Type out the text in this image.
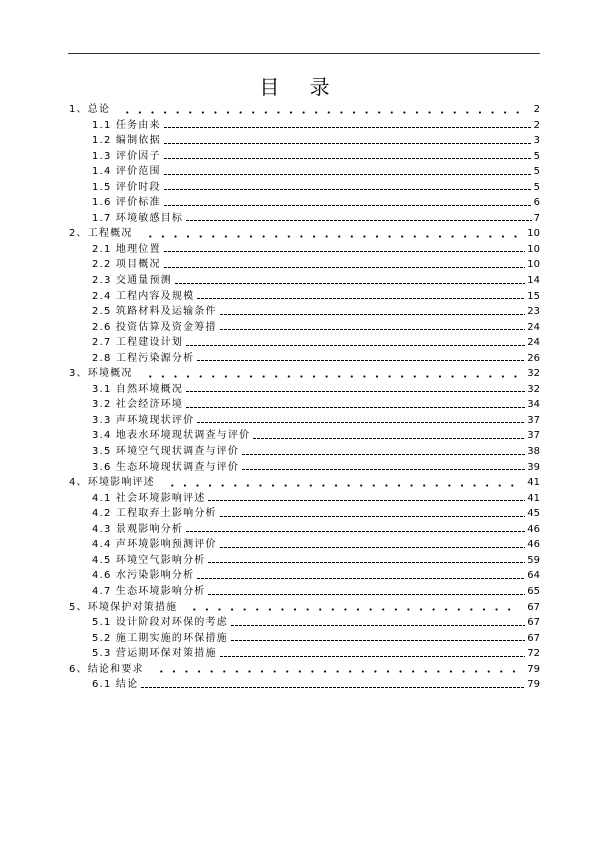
目 录
1、总论	2
1.1 任务由来	2
1.2 编制依据	3
1.3 评价因子	5
1.4 评价范围	5
1.5 评价时段	5
1.6 评价标准	6
1.7 环境敏感目标	7
2、工程概况	10
2.1 地理位置	10
2.2 项目概况	10
2.3 交通量预测	14
2.4 工程内容及规模	15
2.5 筑路材料及运输条件	23
2.6 投资估算及资金筹措	24
2.7 工程建设计划	24
2.8 工程污染源分析	26
3、环境概况	32
3.1 自然环境概况	32
3.2 社会经济环境	34
3.3 声环境现状评价	37
3.4 地表水环境现状调查与评价	37
3.5 环境空气现状调查与评价	38
3.6 生态环境现状调查与评价	39
4、环境影响评述	41
4.1 社会环境影响评述	41
4.2 工程取弃土影响分析	45
4.3 景观影响分析	46
4.4 声环境影响预测评价	46
4.5 环境空气影响分析	59
4.6 水污染影响分析	64
4.7 生态环境影响分析	65
5、环境保护对策措施	67
5.1 设计阶段对环保的考虑	67
5.2 施工期实施的环保措施	67
5.3 营运期环保对策措施	72
6、结论和要求	79
6.1 结论	79
